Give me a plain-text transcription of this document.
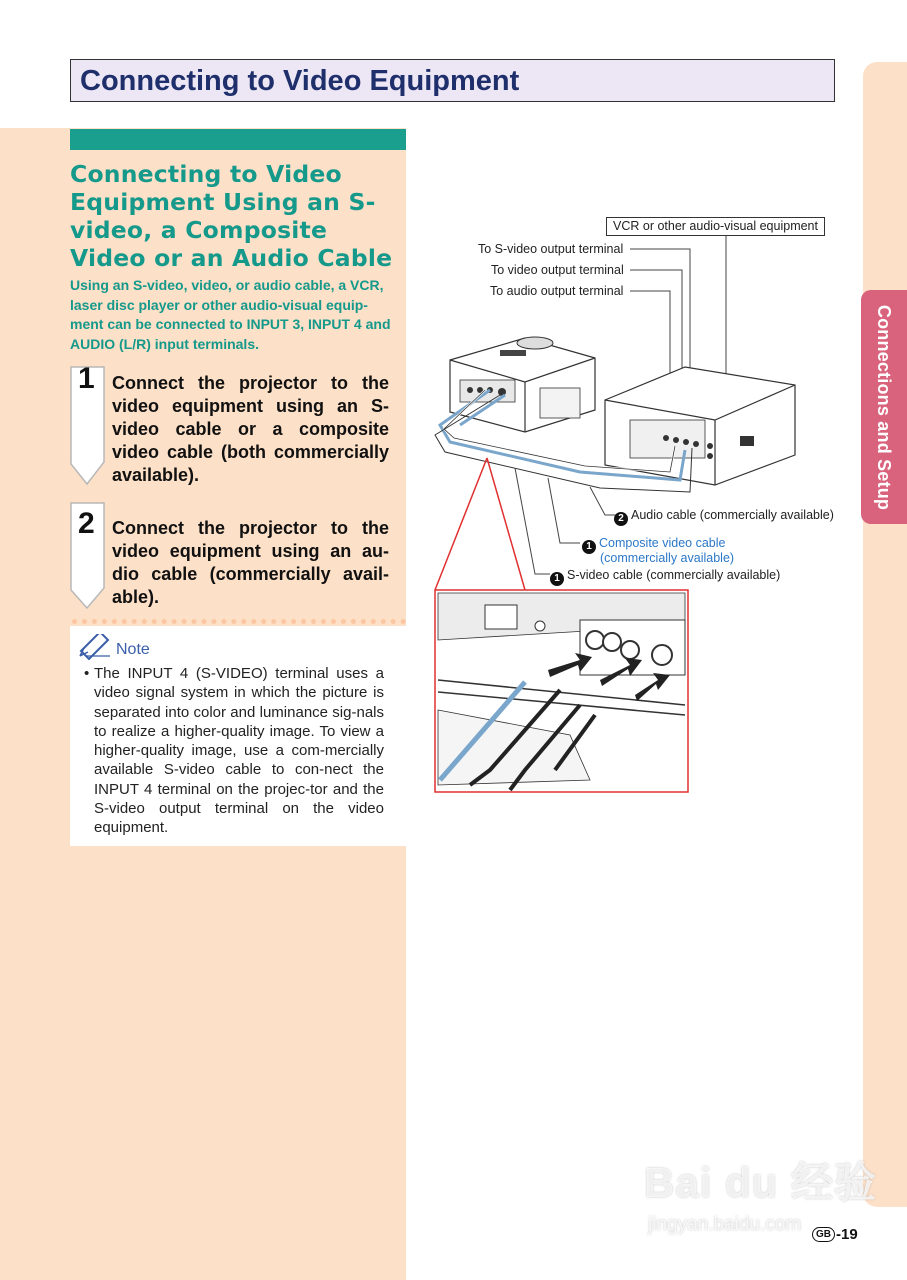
Connections and Setup
Connecting to Video Equipment
Connecting to Video Equipment Using an S-video, a Composite Video or an Audio Cable

Using an S-video, video, or audio cable, a VCR, laser disc player or other audio-visual equip-ment can be connected to INPUT 3, INPUT 4 and AUDIO (L/R) input terminals.

1 Connect the projector to the video equipment using an S-video cable or a composite video cable (both commercially available).

2 Connect the projector to the video equipment using an au-dio cable (commercially avail-able).

Note

• The INPUT 4 (S-VIDEO) terminal uses a video signal system in which the picture is separated into color and luminance sig-nals to realize a higher-quality image. To view a higher-quality image, use a com-mercially available S-video cable to con-nect the INPUT 4 terminal on the projec-tor and the S-video output terminal on the video equipment.

VCR or other audio-visual equipment
To S-video output terminal
To video output terminal
To audio output terminal
2 Audio cable (commercially available)
1 Composite video cable
(commercially available)
1 S-video cable (commercially available)
Bai du 经验
jingyan.baidu.com	GB -19
